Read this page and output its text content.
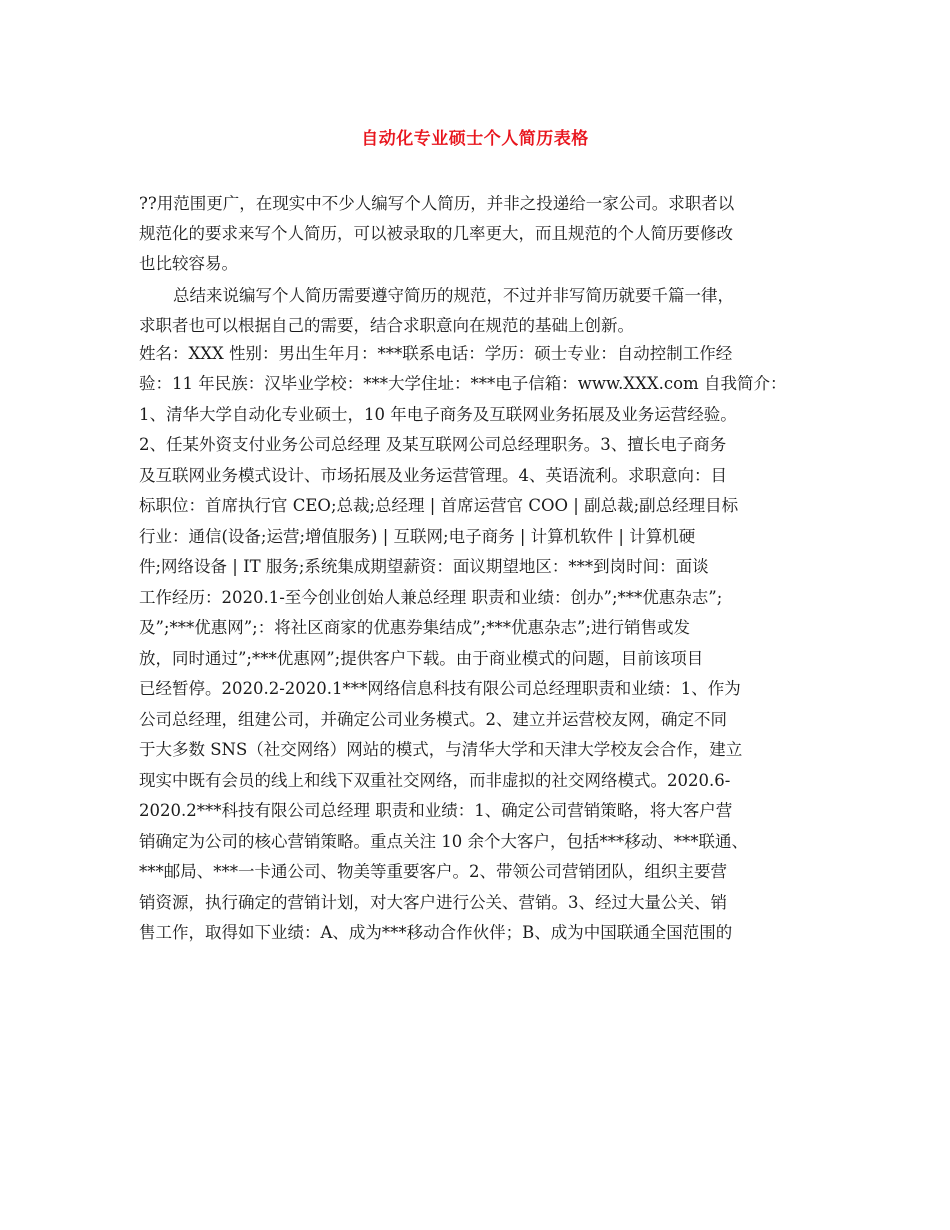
自动化专业硕士个人简历表格
??用范围更广，在现实中不少人编写个人简历，并非之投递给一家公司。求职者以
规范化的要求来写个人简历，可以被录取的几率更大，而且规范的个人简历要修改
也比较容易。
总结来说编写个人简历需要遵守简历的规范，不过并非写简历就要千篇一律，
求职者也可以根据自己的需要，结合求职意向在规范的基础上创新。
姓名：XXX 性别：男出生年月：***联系电话：学历：硕士专业：自动控制工作经
验：11 年民族：汉毕业学校：***大学住址：***电子信箱：www.XXX.com 自我简介：
1、清华大学自动化专业硕士，10 年电子商务及互联网业务拓展及业务运营经验。
2、任某外资支付业务公司总经理 及某互联网公司总经理职务。3、擅长电子商务
及互联网业务模式设计、市场拓展及业务运营管理。4、英语流利。求职意向：目
标职位：首席执行官 CEO;总裁;总经理 | 首席运营官 COO | 副总裁;副总经理目标
行业：通信(设备;运营;增值服务) | 互联网;电子商务 | 计算机软件 | 计算机硬
件;网络设备 | IT 服务;系统集成期望薪资：面议期望地区：***到岗时间：面谈
工作经历：2020.1-至今创业创始人兼总经理 职责和业绩：创办”;***优惠杂志”;
及”;***优惠网”;：将社区商家的优惠券集结成”;***优惠杂志”;进行销售或发
放，同时通过”;***优惠网”;提供客户下载。由于商业模式的问题，目前该项目
已经暂停。2020.2-2020.1***网络信息科技有限公司总经理职责和业绩：1、作为
公司总经理，组建公司，并确定公司业务模式。2、建立并运营校友网，确定不同
于大多数 SNS（社交网络）网站的模式，与清华大学和天津大学校友会合作，建立
现实中既有会员的线上和线下双重社交网络，而非虚拟的社交网络模式。2020.6-
2020.2***科技有限公司总经理 职责和业绩：1、确定公司营销策略，将大客户营
销确定为公司的核心营销策略。重点关注 10 余个大客户，包括***移动、***联通、
***邮局、***一卡通公司、物美等重要客户。2、带领公司营销团队，组织主要营
销资源，执行确定的营销计划，对大客户进行公关、营销。3、经过大量公关、销
售工作，取得如下业绩：A、成为***移动合作伙伴；B、成为中国联通全国范围的
